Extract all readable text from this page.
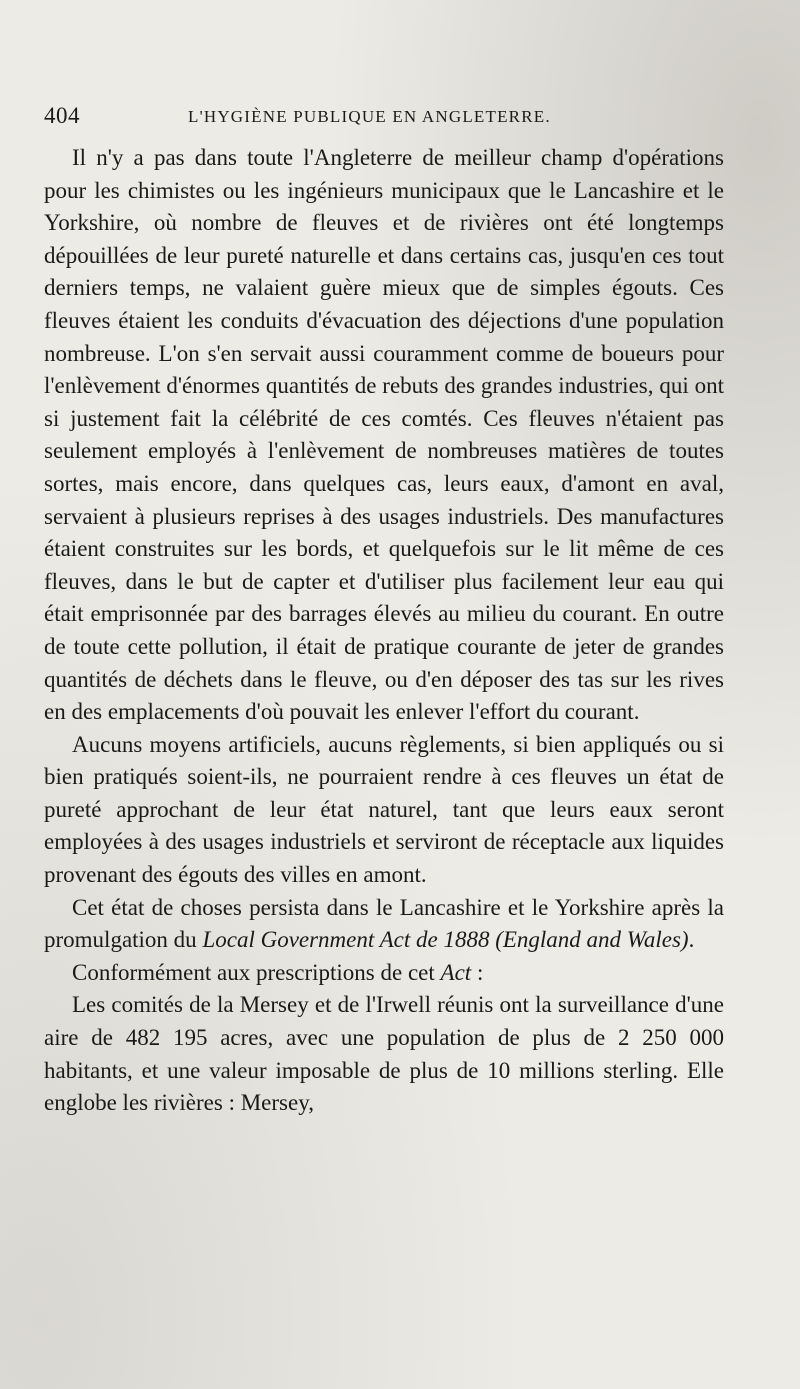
404	L'HYGIÈNE PUBLIQUE EN ANGLETERRE.

Il n'y a pas dans toute l'Angleterre de meilleur champ d'opérations pour les chimistes ou les ingénieurs municipaux que le Lancashire et le Yorkshire, où nombre de fleuves et de rivières ont été longtemps dépouillées de leur pureté naturelle et dans certains cas, jusqu'en ces tout derniers temps, ne valaient guère mieux que de simples égouts. Ces fleuves étaient les conduits d'évacuation des déjections d'une population nombreuse. L'on s'en servait aussi couramment comme de boueurs pour l'enlèvement d'énormes quantités de rebuts des grandes industries, qui ont si justement fait la célébrité de ces comtés. Ces fleuves n'étaient pas seulement employés à l'enlèvement de nombreuses matières de toutes sortes, mais encore, dans quelques cas, leurs eaux, d'amont en aval, servaient à plusieurs reprises à des usages industriels. Des manufactures étaient construites sur les bords, et quelquefois sur le lit même de ces fleuves, dans le but de capter et d'utiliser plus facilement leur eau qui était emprisonnée par des barrages élevés au milieu du courant. En outre de toute cette pollution, il était de pratique courante de jeter de grandes quantités de déchets dans le fleuve, ou d'en déposer des tas sur les rives en des emplacements d'où pouvait les enlever l'effort du courant.

Aucuns moyens artificiels, aucuns règlements, si bien appliqués ou si bien pratiqués soient-ils, ne pourraient rendre à ces fleuves un état de pureté approchant de leur état naturel, tant que leurs eaux seront employées à des usages industriels et serviront de réceptacle aux liquides provenant des égouts des villes en amont.

Cet état de choses persista dans le Lancashire et le Yorkshire après la promulgation du Local Government Act de 1888 (England and Wales).

Conformément aux prescriptions de cet Act :

Les comités de la Mersey et de l'Irwell réunis ont la surveillance d'une aire de 482 195 acres, avec une population de plus de 2 250 000 habitants, et une valeur imposable de plus de 10 millions sterling. Elle englobe les rivières : Mersey,
